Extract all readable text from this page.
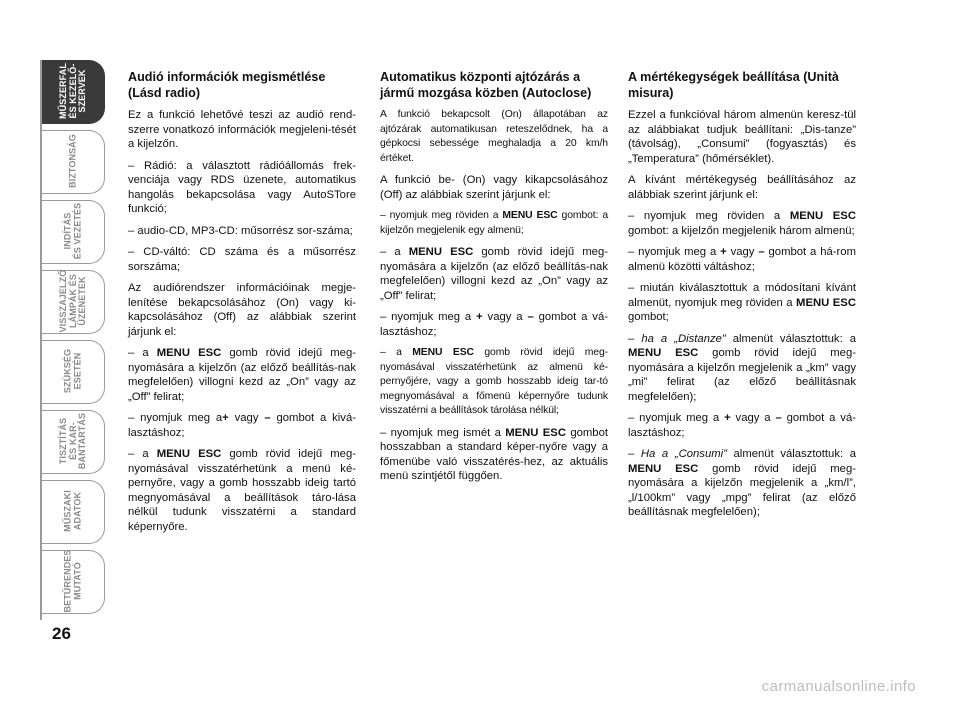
MŰSZERFAL
ÉS KEZELŐ-
SZERVEK
BIZTONSÁG
INDÍTÁS
ÉS VEZETÉS
VISSZAJELZŐ
LÁMPÁK ÉS
ÜZENETEK
SZÜKSÉG
ESETÉN
TISZTÍTÁS
ÉS KAR-
BANTARTÁS
MŰSZAKI
ADATOK
BETŰRENDES
MUTATÓ
26
Audió információk megismétlése (Lásd radio)
Ez a funkció lehetővé teszi az audió rend-szerre vonatkozó információk megjeleni-tését a kijelzőn.
– Rádió: a választott rádióállomás frek-venciája vagy RDS üzenete, automatikus hangolás bekapcsolása vagy AutoSTore funkció;
– audio-CD, MP3-CD: műsorrész sor-száma;
– CD-váltó: CD száma és a műsorrész sorszáma;
Az audiórendszer információinak megje-lenítése bekapcsolásához (On) vagy ki-kapcsolásához (Off) az alábbiak szerint járjunk el:
– a MENU ESC gomb rövid idejű meg-nyomására a kijelzőn (az előző beállítás-nak megfelelően) villogni kezd az „On” vagy az „Off” felirat;
– nyomjuk meg a+ vagy – gombot a kivá-lasztáshoz;
– a MENU ESC gomb rövid idejű meg-nyomásával visszatérhetünk a menü ké-pernyőre, vagy a gomb hosszabb ideig tartó megnyomásával a beállítások táro-lása nélkül tudunk visszatérni a standard képernyőre.
Automatikus központi ajtózárás a jármű mozgása közben (Autoclose)
A funkció bekapcsolt (On) állapotában az ajtózárak automatikusan reteszelődnek, ha a gépkocsi sebessége meghaladja a 20 km/h értéket.
A funkció be- (On) vagy kikapcsolásához (Off) az alábbiak szerint járjunk el:
– nyomjuk meg röviden a MENU ESC gombot: a kijelzőn megjelenik egy almenü;
– a MENU ESC gomb rövid idejű meg-nyomására a kijelzőn (az előző beállítás-nak megfelelően) villogni kezd az „On” vagy az „Off” felirat;
– nyomjuk meg a + vagy a – gombot a vá-lasztáshoz;
– a MENU ESC gomb rövid idejű meg-nyomásával visszatérhetünk az almenü ké-pernyőjére, vagy a gomb hosszabb ideig tar-tó megnyomásával a főmenü képernyőre tudunk visszatérni a beállítások tárolása nélkül;
– nyomjuk meg ismét a MENU ESC gombot hosszabban a standard képer-nyőre vagy a főmenübe való visszatérés-hez, az aktuális menü szintjétől függően.
A mértékegységek beállítása (Unità misura)
Ezzel a funkcióval három almenün keresz-tül az alábbiakat tudjuk beállítani: „Dis-tanze” (távolság), „Consumi” (fogyasztás) és „Temperatura” (hőmérséklet).
A kívánt mértékegység beállításához az alábbiak szerint járjunk el:
– nyomjuk meg röviden a MENU ESC gombot: a kijelzőn megjelenik három almenü;
– nyomjuk meg a + vagy – gombot a há-rom almenü közötti váltáshoz;
– miután kiválasztottuk a módosítani kívánt almenüt, nyomjuk meg röviden a MENU ESC gombot;
– ha a „Distanze” almenüt választottuk: a MENU ESC gomb rövid idejű meg-nyomására a kijelzőn megjelenik a „km” vagy „mi” felirat (az előző beállításnak megfelelően);
– nyomjuk meg a + vagy a – gombot a vá-lasztáshoz;
– Ha a „Consumi” almenüt választottuk: a MENU ESC gomb rövid idejű meg-nyomására a kijelzőn megjelenik a „km/l”, „l/100km” vagy „mpg” felirat (az előző beállításnak megfelelően);
carmanualsonline.info
